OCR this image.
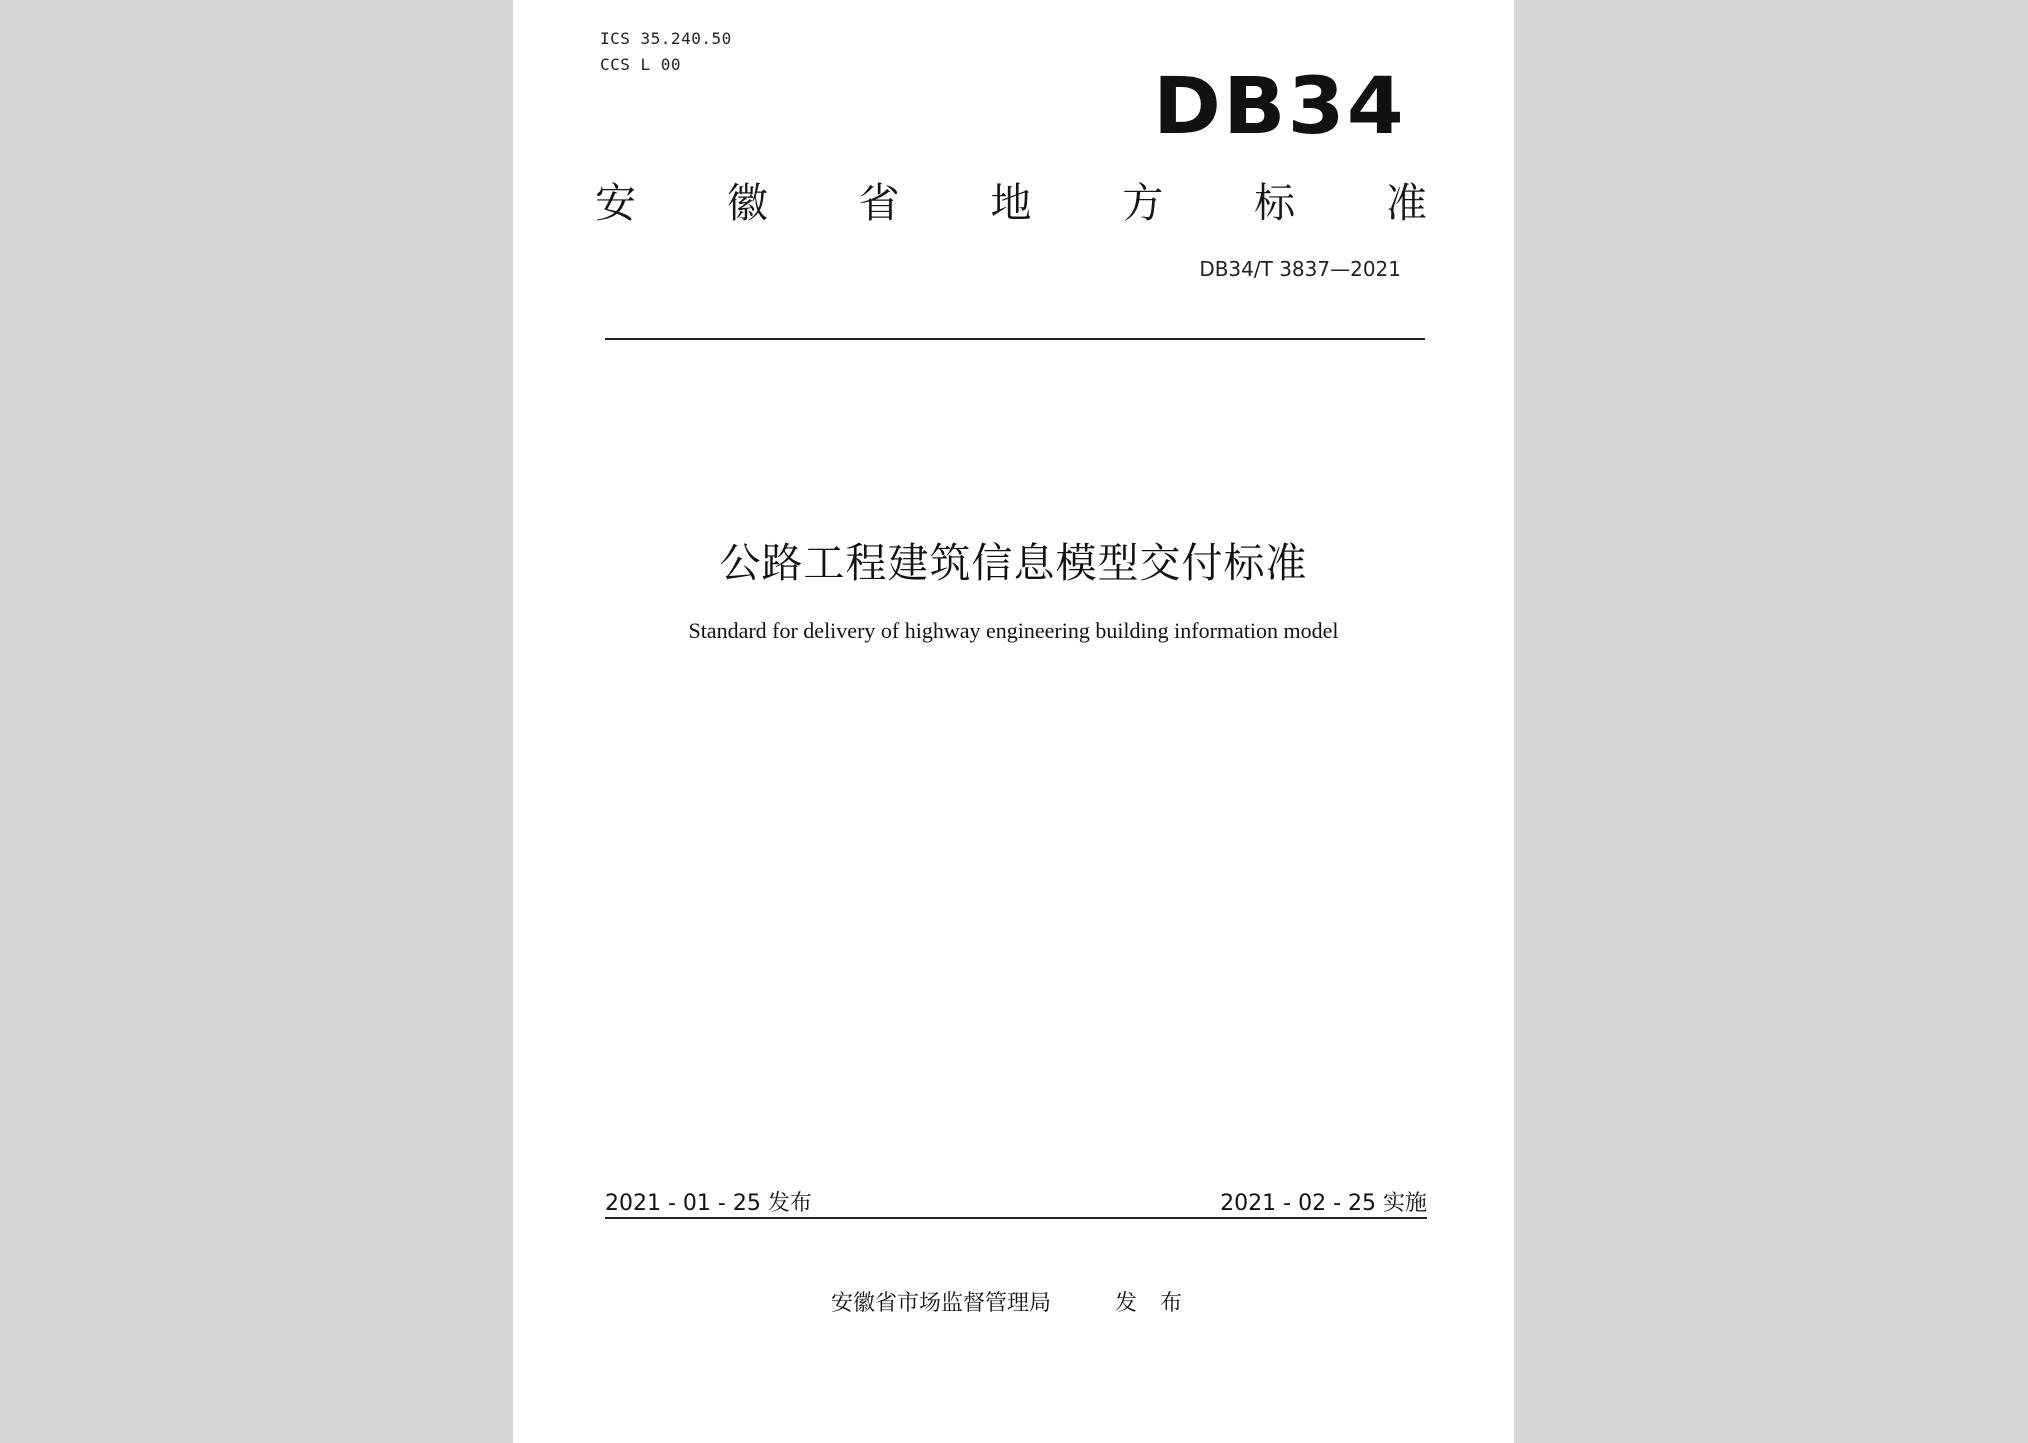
ICS 35.240.50

CCS L 00	DB34

安 徽 省 地 方 标 准

DB34/T 3837—2021

公路工程建筑信息模型交付标准

Standard for delivery of highway engineering building information model

2021 - 01 - 25 发布	2021 - 02 - 25 实施

安徽省市场监督管理局	发 布
